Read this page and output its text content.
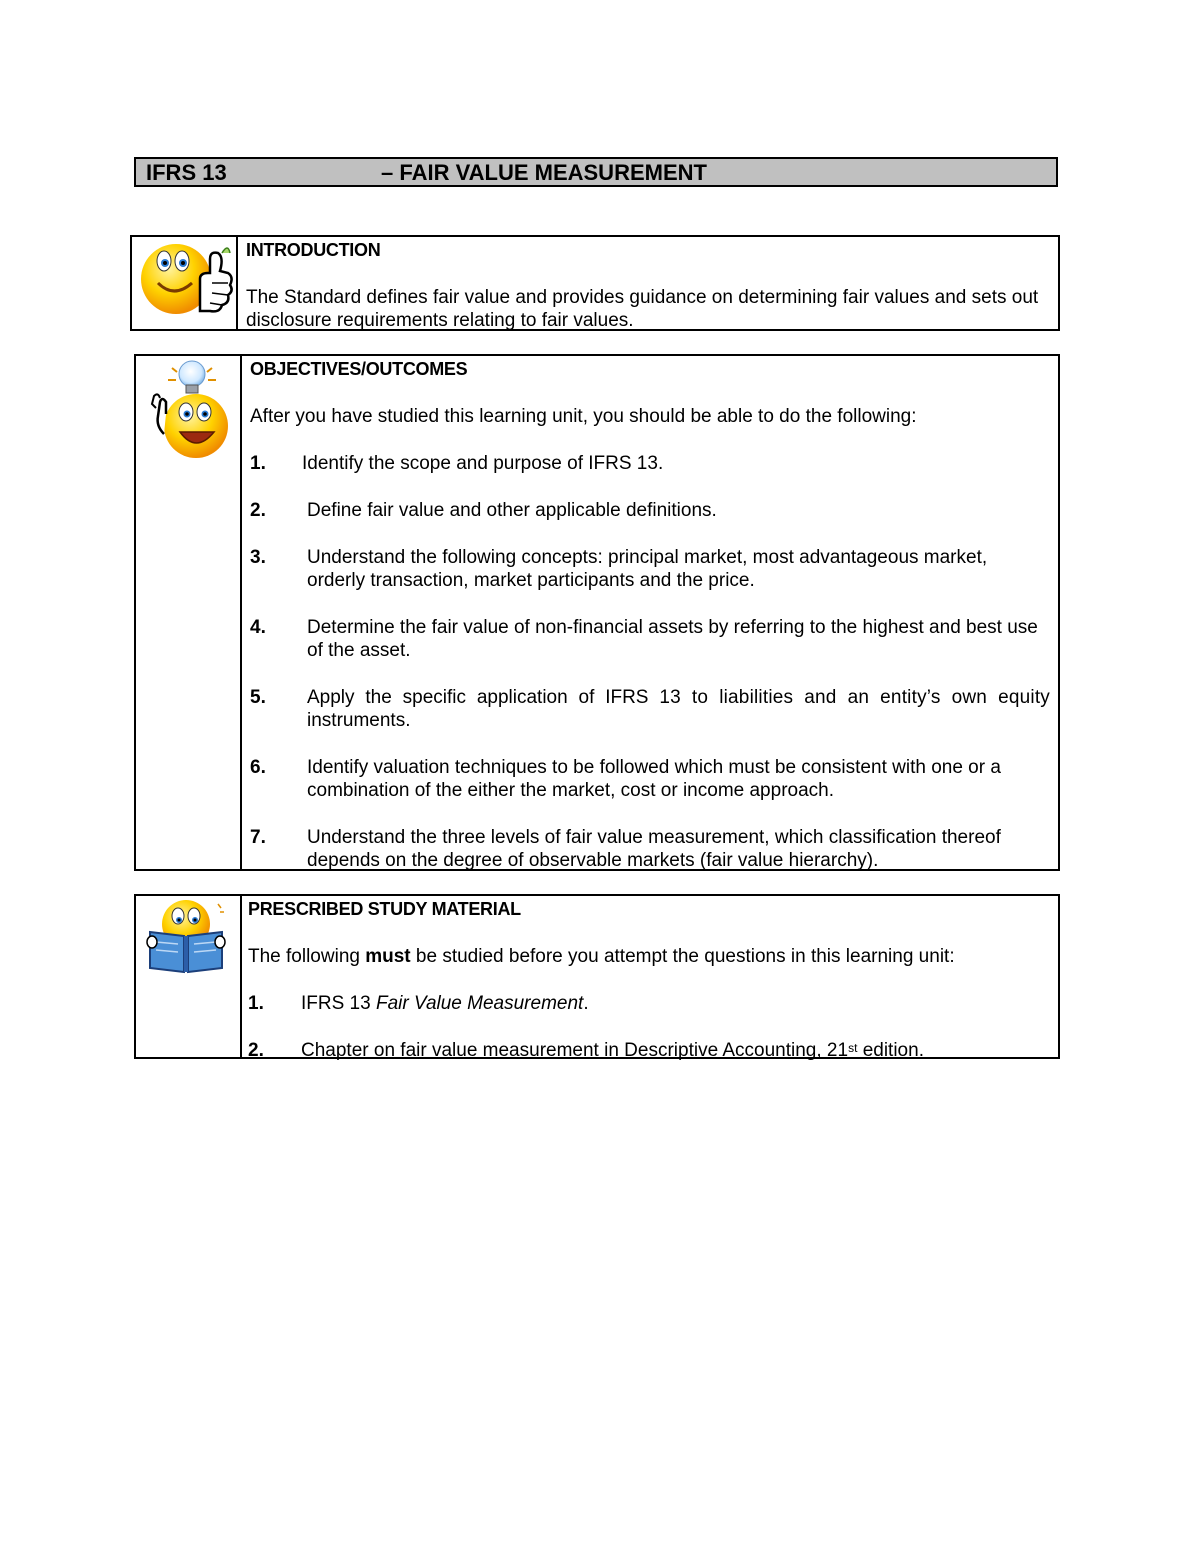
IFRS 13	– FAIR VALUE MEASUREMENT
INTRODUCTION
The Standard defines fair value and provides guidance on determining fair values and sets out disclosure requirements relating to fair values.
OBJECTIVES/OUTCOMES
After you have studied this learning unit, you should be able to do the following:
1. Identify the scope and purpose of IFRS 13.
2. Define fair value and other applicable definitions.
3. Understand the following concepts: principal market, most advantageous market, orderly transaction, market participants and the price.
4. Determine the fair value of non-financial assets by referring to the highest and best use of the asset.
5. Apply the specific application of IFRS 13 to liabilities and an entity’s own equity instruments.
6. Identify valuation techniques to be followed which must be consistent with one or a combination of the either the market, cost or income approach.
7. Understand the three levels of fair value measurement, which classification thereof depends on the degree of observable markets (fair value hierarchy).
PRESCRIBED STUDY MATERIAL
The following must be studied before you attempt the questions in this learning unit:
1. IFRS 13 Fair Value Measurement.
2. Chapter on fair value measurement in Descriptive Accounting, 21st edition.
